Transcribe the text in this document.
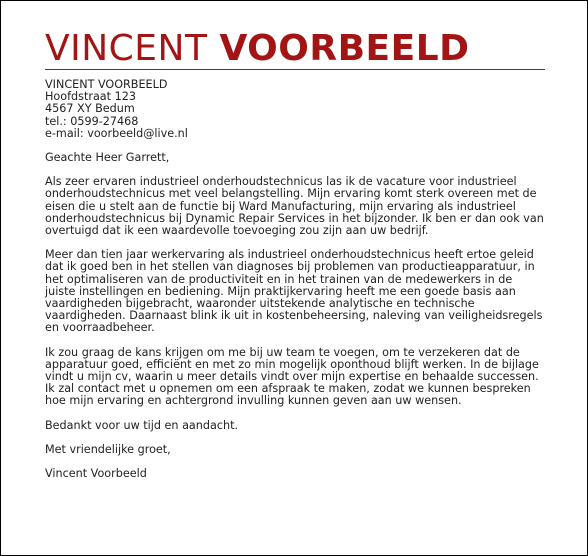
VINCENT VOORBEELD
VINCENT VOORBEELD
Hoofdstraat 123
4567 XY Bedum
tel.: 0599-27468
e-mail: voorbeeld@live.nl

Geachte Heer Garrett,

Als zeer ervaren industrieel onderhoudstechnicus las ik de vacature voor industrieel onderhoudstechnicus met veel belangstelling. Mijn ervaring komt sterk overeen met de eisen die u stelt aan de functie bij Ward Manufacturing, mijn ervaring als industrieel onderhoudstechnicus bij Dynamic Repair Services in het bijzonder. Ik ben er dan ook van overtuigd dat ik een waardevolle toevoeging zou zijn aan uw bedrijf.

Meer dan tien jaar werkervaring als industrieel onderhoudstechnicus heeft ertoe geleid dat ik goed ben in het stellen van diagnoses bij problemen van productieapparatuur, in het optimaliseren van de productiviteit en in het trainen van de medewerkers in de juiste instellingen en bediening. Mijn praktijkervaring heeft me een goede basis aan vaardigheden bijgebracht, waaronder uitstekende analytische en technische vaardigheden. Daarnaast blink ik uit in kostenbeheersing, naleving van veiligheidsregels en voorraadbeheer.

Ik zou graag de kans krijgen om me bij uw team te voegen, om te verzekeren dat de apparatuur goed, efficiënt en met zo min mogelijk oponthoud blijft werken. In de bijlage vindt u mijn cv, waarin u meer details vindt over mijn expertise en behaalde successen. Ik zal contact met u opnemen om een afspraak te maken, zodat we kunnen bespreken hoe mijn ervaring en achtergrond invulling kunnen geven aan uw wensen.

Bedankt voor uw tijd en aandacht.

Met vriendelijke groet,

Vincent Voorbeeld
